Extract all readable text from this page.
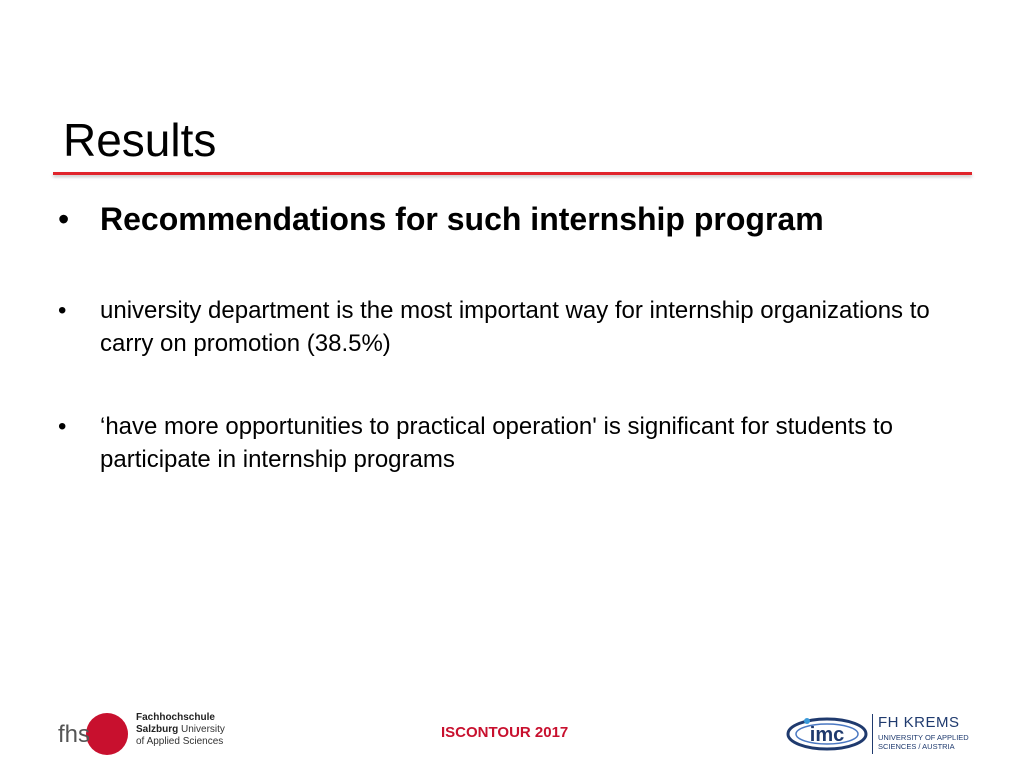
Results
• Recommendations for such internship program
• university department is the most important way for internship organizations to carry on promotion (38.5%)
• ‘have more opportunities to practical operation' is significant for students to participate in internship programs
fhs
Fachhochschule
Salzburg University
of Applied Sciences
ISCONTOUR 2017	imc
FH KREMS
UNIVERSITY OF APPLIED
SCIENCES / AUSTRIA
